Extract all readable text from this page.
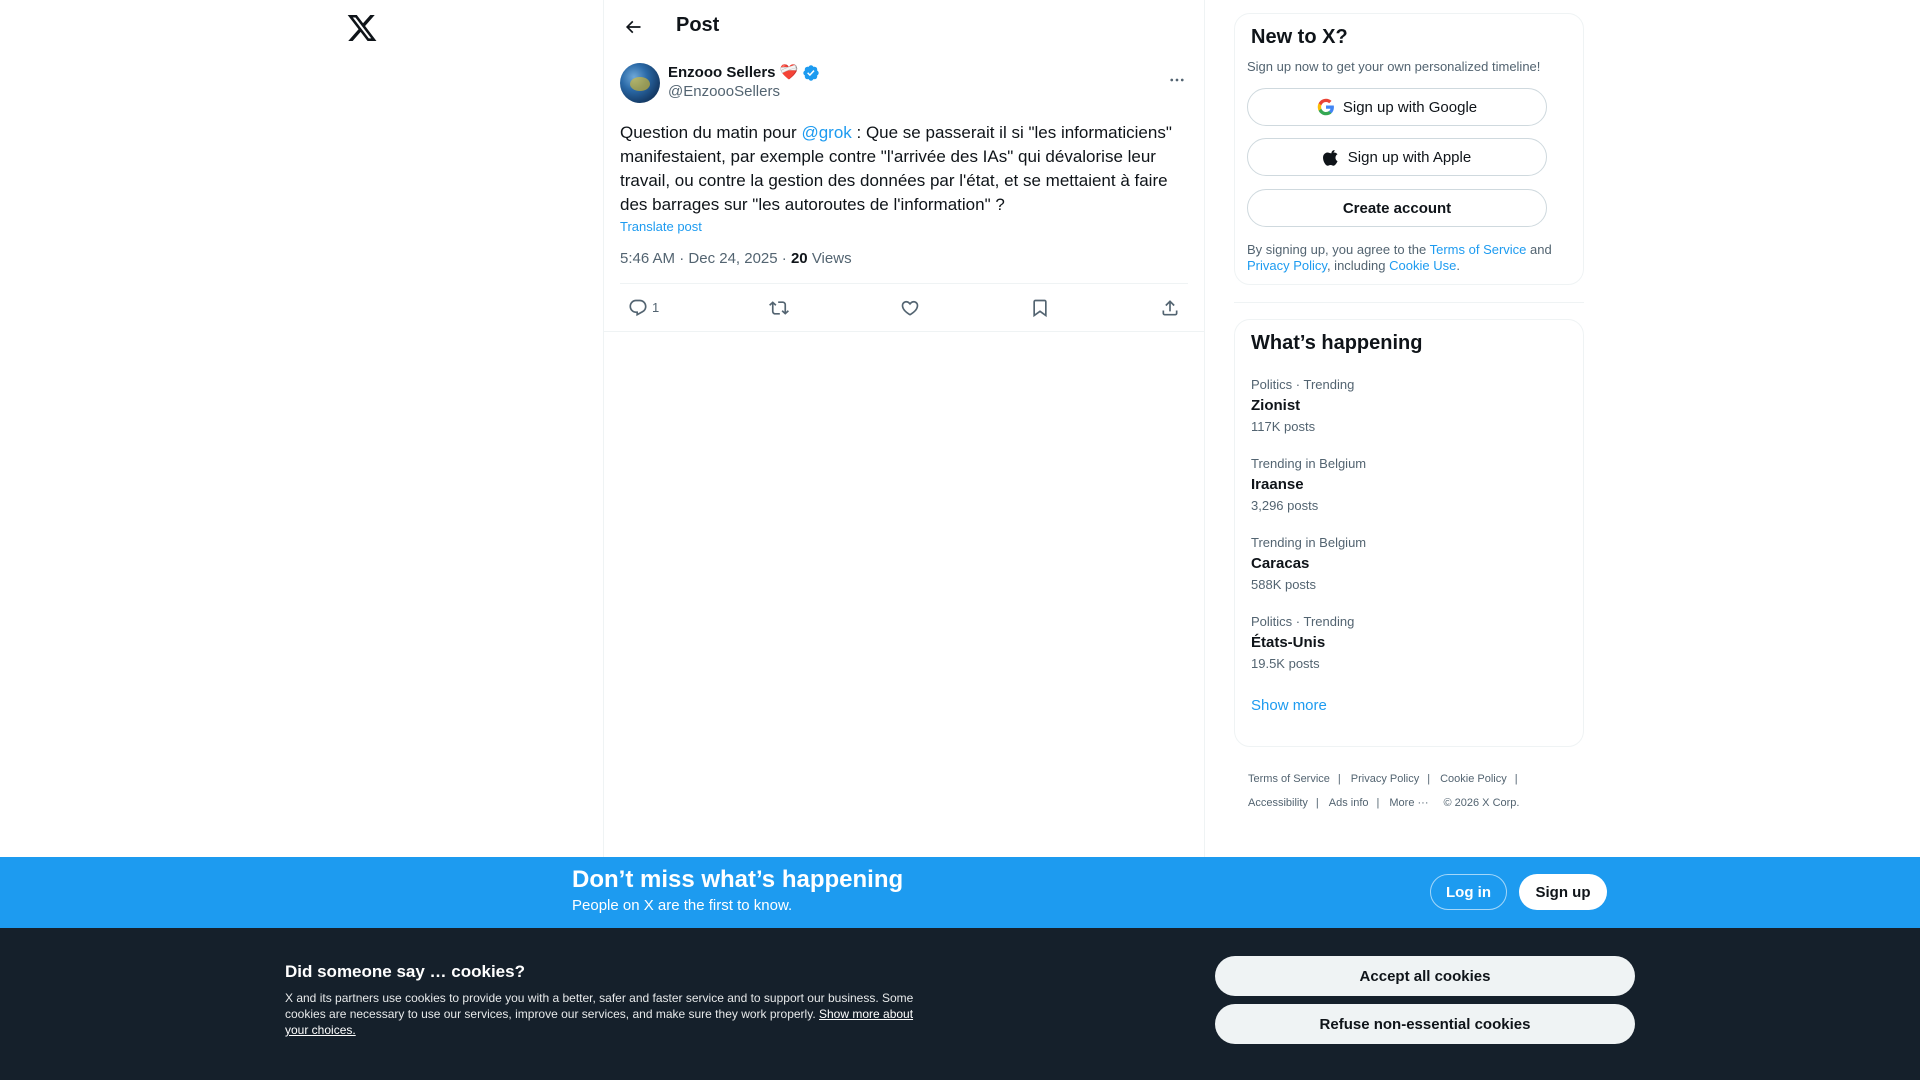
Post
Enzooo Sellers ❤️‍🩹
@EnzoooSellers
Question du matin pour @grok : Que se passerait il si "les informaticiens" manifestaient, par exemple contre "l'arrivée des IAs" qui dévalorise leur travail, ou contre la gestion des données par l'état, et se mettaient à faire des barrages sur "les autoroutes de l'information" ?
Translate post
5:46 AM · Dec 24, 2025 · 20 Views
1
New to X?
Sign up now to get your own personalized timeline!
Sign up with Google
Sign up with Apple
Create account
By signing up, you agree to the Terms of Service and Privacy Policy, including Cookie Use.
What’s happening
Politics · Trending
Zionist
117K posts
Trending in Belgium
Iraanse
3,296 posts
Trending in Belgium
Caracas
588K posts
Politics · Trending
États-Unis
19.5K posts
Show more
Terms of Service | Privacy Policy | Cookie Policy |
Accessibility | Ads info | More ··· © 2026 X Corp.
Don’t miss what’s happening
People on X are the first to know.
Log in	Sign up
Did someone say … cookies?
X and its partners use cookies to provide you with a better, safer and faster service and to support our business. Some cookies are necessary to use our services, improve our services, and make sure they work properly. Show more about your choices.
Accept all cookies
Refuse non-essential cookies
